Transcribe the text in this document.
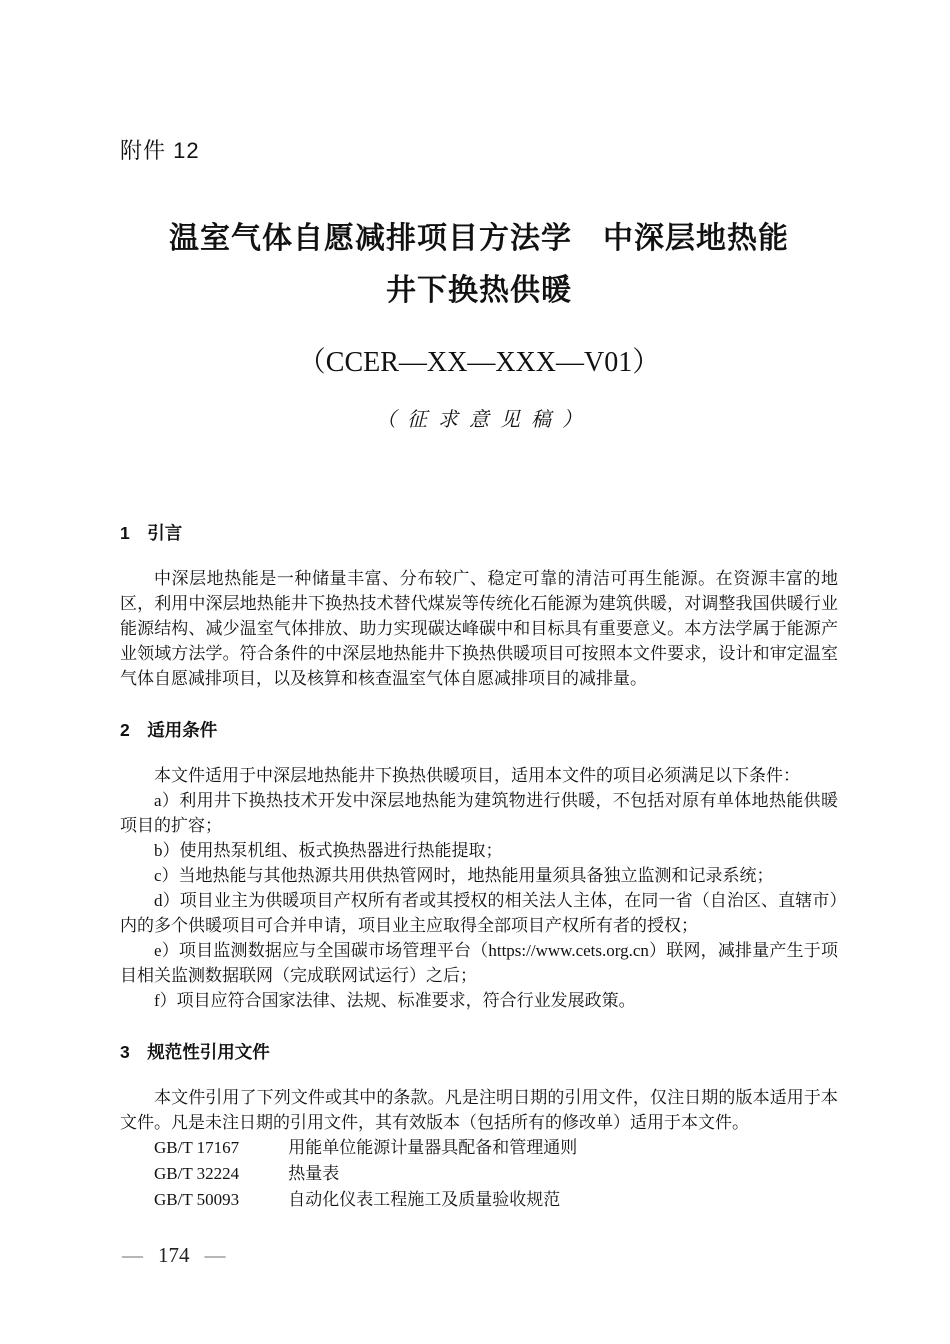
附件 12
温室气体自愿减排项目方法学　中深层地热能
井下换热供暖
（CCER—XX—XXX—V01）
（征求意见稿）
1　引言

中深层地热能是一种储量丰富、分布较广、稳定可靠的清洁可再生能源。在资源丰富的地区，利用中深层地热能井下换热技术替代煤炭等传统化石能源为建筑供暖，对调整我国供暖行业能源结构、减少温室气体排放、助力实现碳达峰碳中和目标具有重要意义。本方法学属于能源产业领域方法学。符合条件的中深层地热能井下换热供暖项目可按照本文件要求，设计和审定温室气体自愿减排项目，以及核算和核查温室气体自愿减排项目的减排量。

2　适用条件

本文件适用于中深层地热能井下换热供暖项目，适用本文件的项目必须满足以下条件：

a）利用井下换热技术开发中深层地热能为建筑物进行供暖，不包括对原有单体地热能供暖项目的扩容；

b）使用热泵机组、板式换热器进行热能提取；

c）当地热能与其他热源共用供热管网时，地热能用量须具备独立监测和记录系统；

d）项目业主为供暖项目产权所有者或其授权的相关法人主体，在同一省（自治区、直辖市）内的多个供暖项目可合并申请，项目业主应取得全部项目产权所有者的授权；

e）项目监测数据应与全国碳市场管理平台（https://www.cets.org.cn）联网，减排量产生于项目相关监测数据联网（完成联网试运行）之后；

f）项目应符合国家法律、法规、标准要求，符合行业发展政策。

3　规范性引用文件

本文件引用了下列文件或其中的条款。凡是注明日期的引用文件，仅注日期的版本适用于本文件。凡是未注日期的引用文件，其有效版本（包括所有的修改单）适用于本文件。

GB/T 17167	用能单位能源计量器具配备和管理通则
GB/T 32224	热量表
GB/T 50093	自动化仪表工程施工及质量验收规范
— 174 —
